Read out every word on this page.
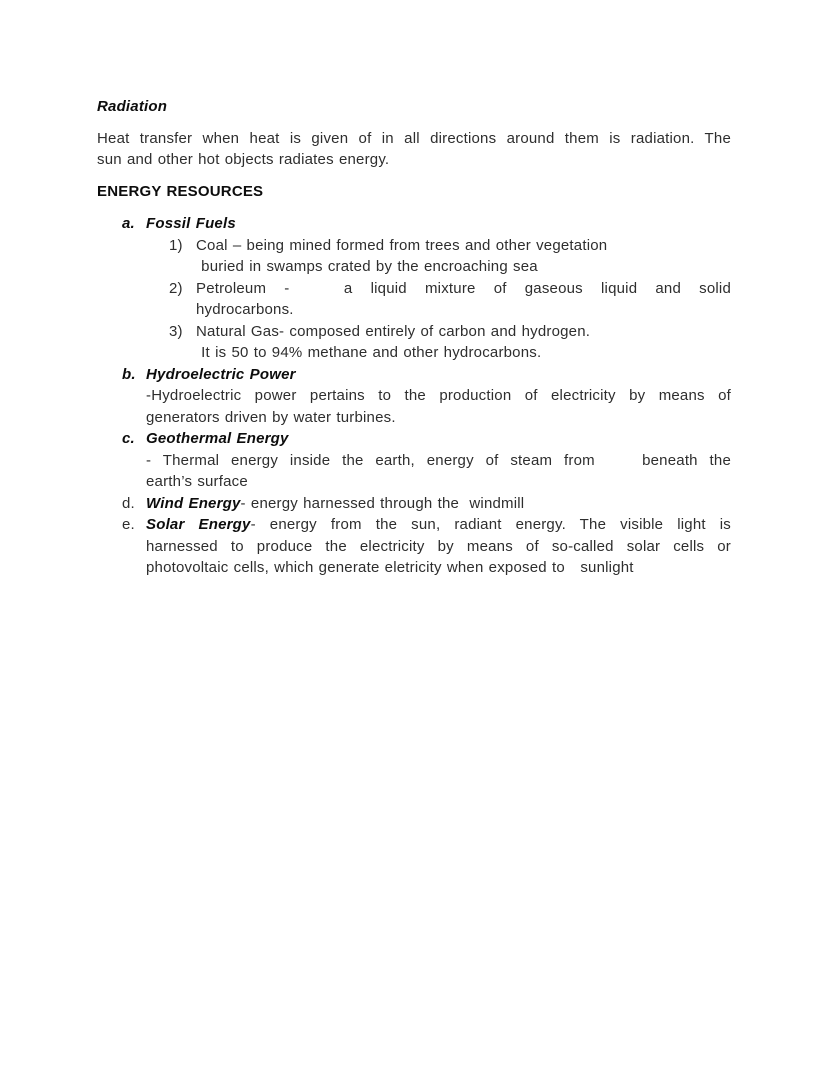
Radiation
Heat transfer when heat is given of in all directions around them is radiation. The
sun and other hot objects radiates energy.
ENERGY RESOURCES
a. Fossil Fuels
1) Coal – being mined formed from trees and other vegetation
buried in swamps crated by the encroaching sea
2) Petroleum -   a liquid mixture of gaseous liquid and solid
hydrocarbons.
3) Natural Gas- composed entirely of carbon and hydrogen.
It is 50 to 94% methane and other hydrocarbons.
b. Hydroelectric Power
-Hydroelectric power pertains to the production of electricity by means of
generators driven by water turbines.
c. Geothermal Energy
- Thermal energy inside the earth, energy of steam from    beneath the
earth’s surface
d. Wind Energy- energy harnessed through the  windmill
e. Solar Energy- energy from the sun, radiant energy. The visible light is
harnessed to produce the electricity by means of so-called solar cells or
photovoltaic cells, which generate eletricity when exposed to   sunlight
